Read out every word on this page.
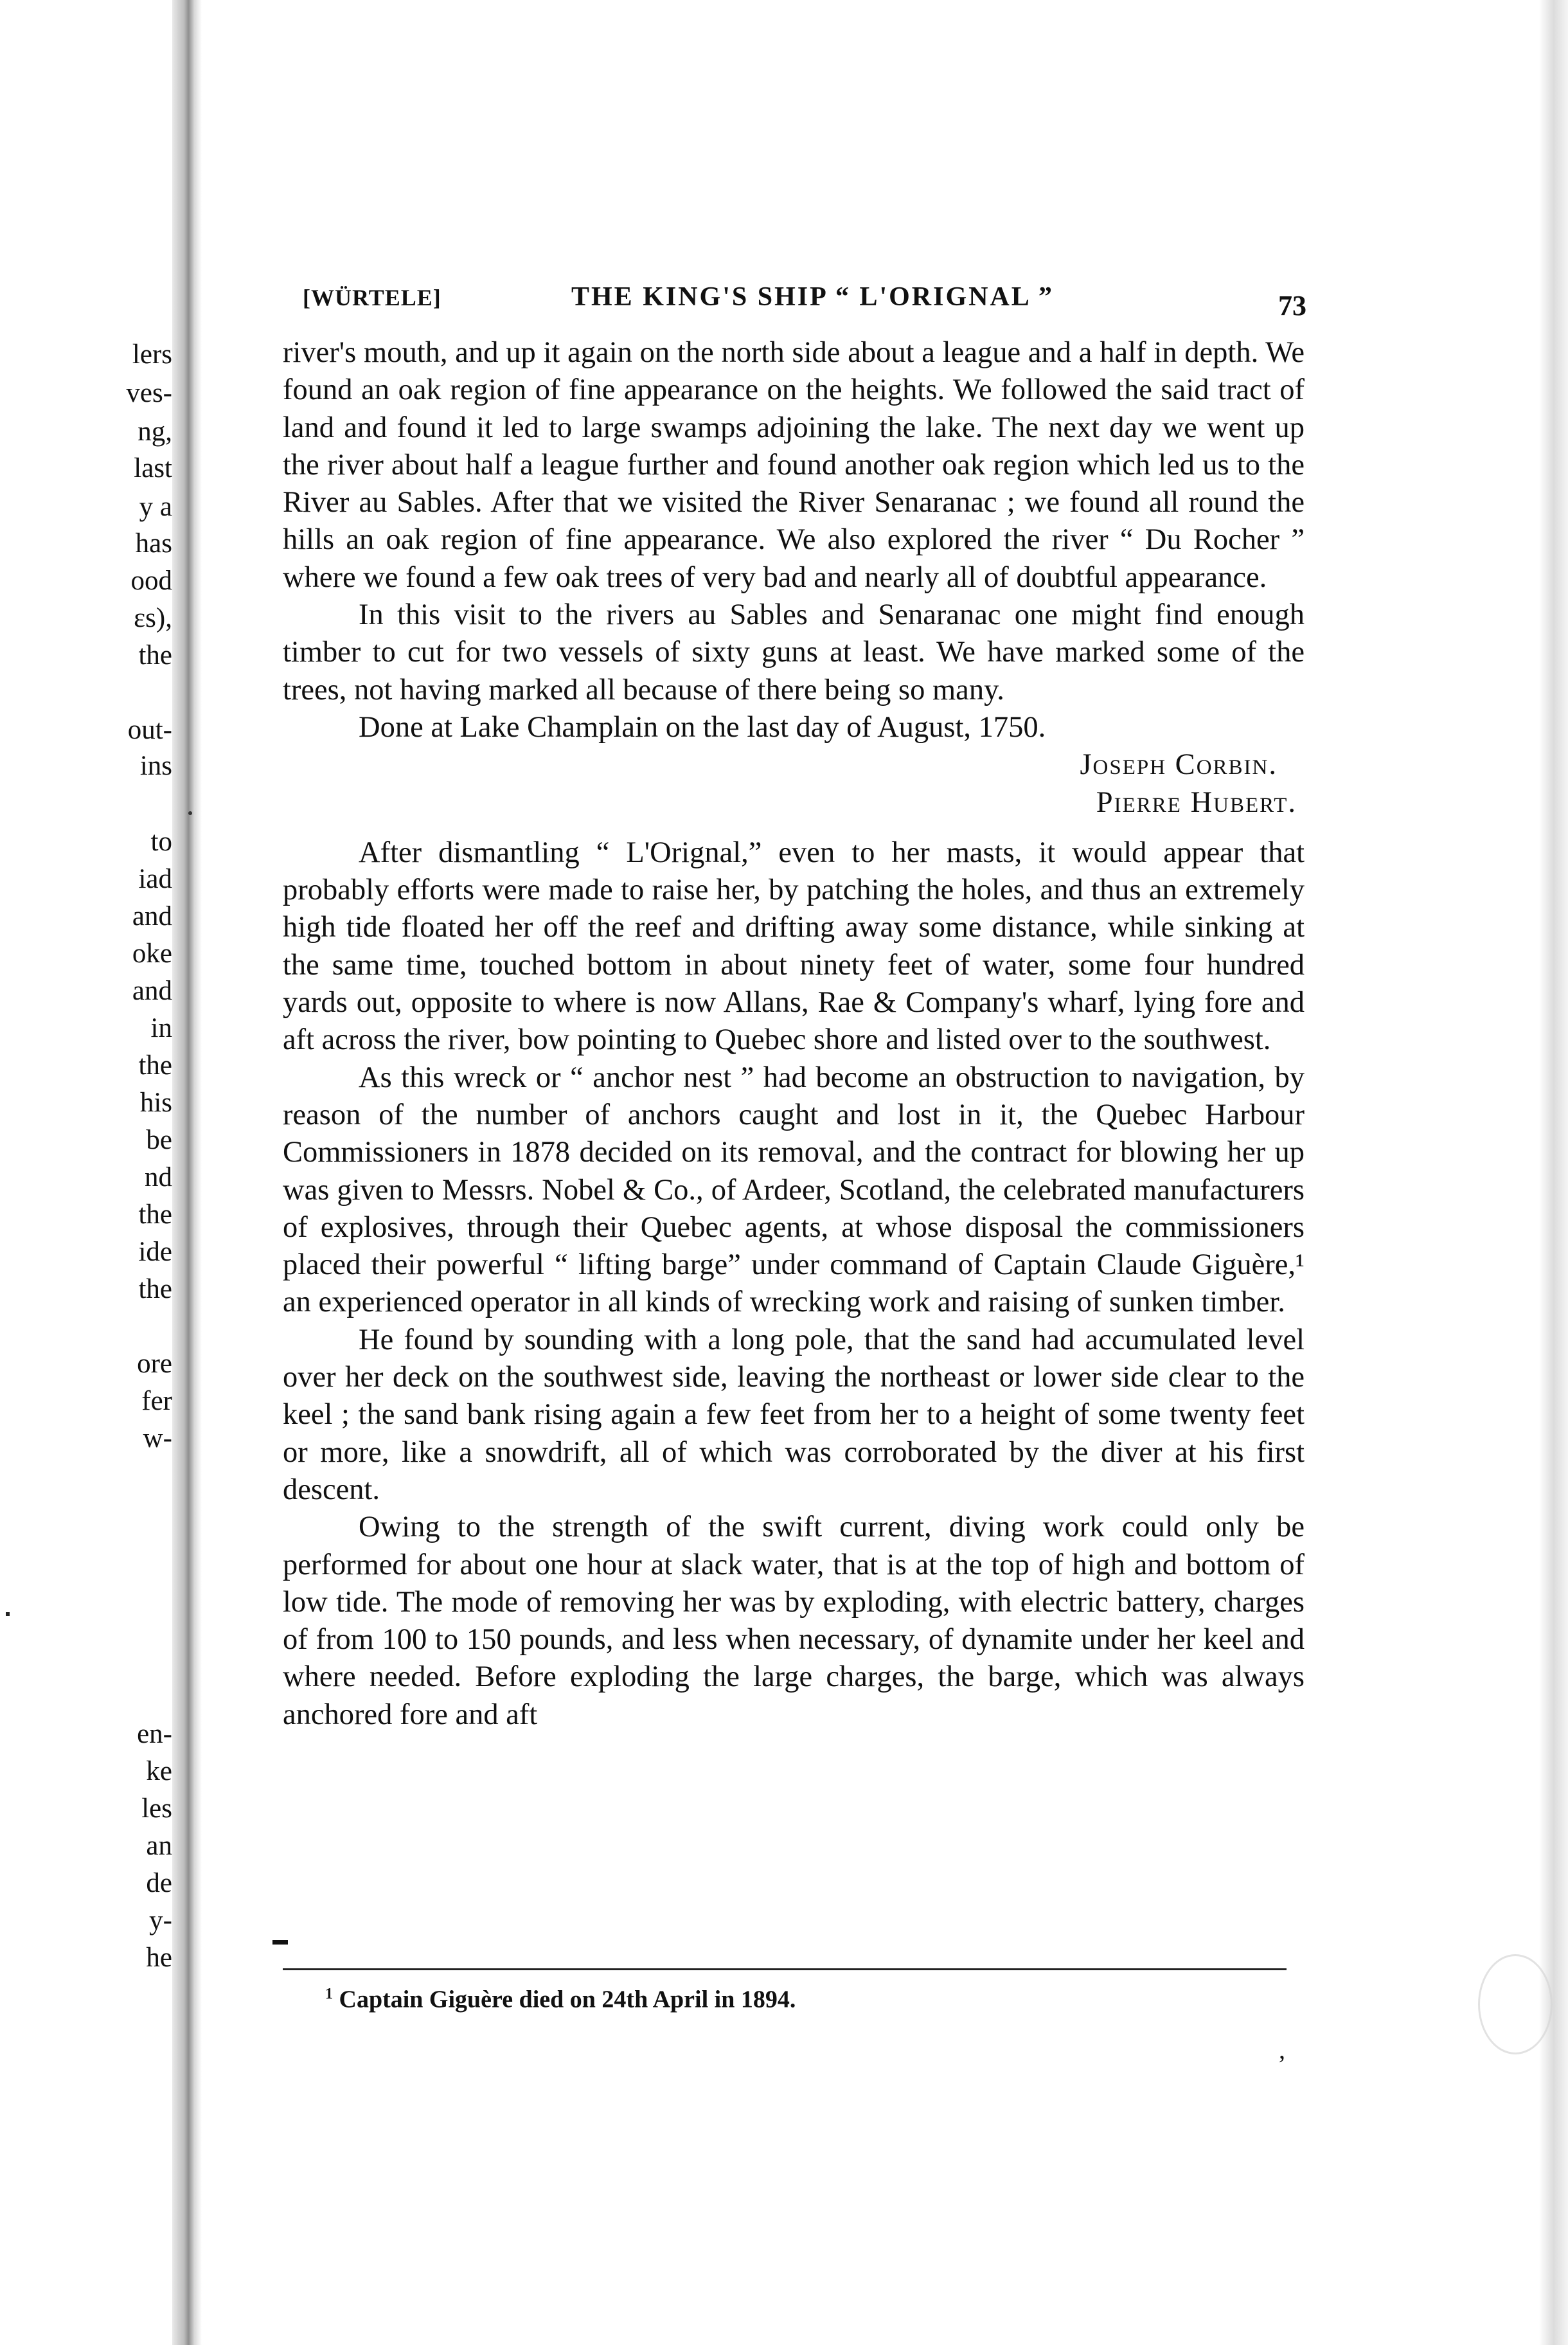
lers
ves-
ng,
last
y a
has
ood
ɛs),
the
out-
ins
to
iad
and
oke
and
in
the
his
be
nd
the
ide
the
ore
fer
w-
en-
ke
les
an
de
y-
he
[WÜRTELE]	THE KING'S SHIP “ L'ORIGNAL ”	73

river's mouth, and up it again on the north side about a league and a half in depth. We found an oak region of fine appearance on the heights. We followed the said tract of land and found it led to large swamps adjoining the lake. The next day we went up the river about half a league further and found another oak region which led us to the River au Sables. After that we visited the River Senaranac ; we found all round the hills an oak region of fine appearance. We also explored the river “ Du Rocher ” where we found a few oak trees of very bad and nearly all of doubtful appearance.

In this visit to the rivers au Sables and Senaranac one might find enough timber to cut for two vessels of sixty guns at least. We have marked some of the trees, not having marked all because of there being so many.

Done at Lake Champlain on the last day of August, 1750.

Joseph Corbin.

Pierre Hubert.

After dismantling “ L'Orignal,” even to her masts, it would appear that probably efforts were made to raise her, by patching the holes, and thus an extremely high tide floated her off the reef and drifting away some distance, while sinking at the same time, touched bottom in about ninety feet of water, some four hundred yards out, opposite to where is now Allans, Rae & Company's wharf, lying fore and aft across the river, bow pointing to Quebec shore and listed over to the southwest.

As this wreck or “ anchor nest ” had become an obstruction to navigation, by reason of the number of anchors caught and lost in it, the Quebec Harbour Commissioners in 1878 decided on its removal, and the contract for blowing her up was given to Messrs. Nobel & Co., of Ardeer, Scotland, the celebrated manufacturers of explosives, through their Quebec agents, at whose disposal the commissioners placed their powerful “ lifting barge” under command of Captain Claude Giguère,¹ an experienced operator in all kinds of wrecking work and raising of sunken timber.

He found by sounding with a long pole, that the sand had accumulated level over her deck on the southwest side, leaving the northeast or lower side clear to the keel ; the sand bank rising again a few feet from her to a height of some twenty feet or more, like a snowdrift, all of which was corroborated by the diver at his first descent.

Owing to the strength of the swift current, diving work could only be performed for about one hour at slack water, that is at the top of high and bottom of low tide. The mode of removing her was by exploding, with electric battery, charges of from 100 to 150 pounds, and less when necessary, of dynamite under her keel and where needed. Before exploding the large charges, the barge, which was always anchored fore and aft

$^1$ Captain Giguère died on 24th April in 1894.
,
